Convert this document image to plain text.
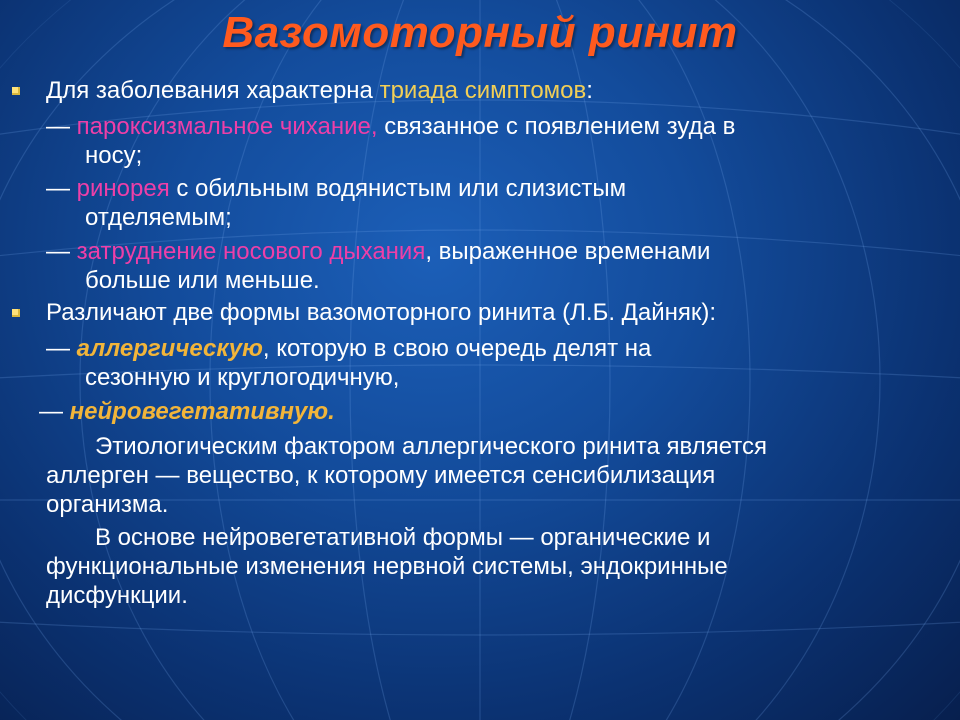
Вазомоторный ринит
Для заболевания характерна триада симптомов:
— пароксизмальное чихание, связанное с появлением зуда в
носу;
— ринорея с обильным водянистым или слизистым
отделяемым;
— затруднение носового дыхания, выраженное временами
больше или меньше.
Различают две формы вазомоторного ринита (Л.Б. Дайняк):
— аллергическую, которую в свою очередь делят на
сезонную и круглогодичную,
— нейровегетативную.
Этиологическим фактором аллергического ринита является
аллерген — вещество, к которому имеется сенсибилизация
организма.
В основе нейровегетативной формы — органические и
функциональные изменения нервной системы, эндокринные
дисфункции.
